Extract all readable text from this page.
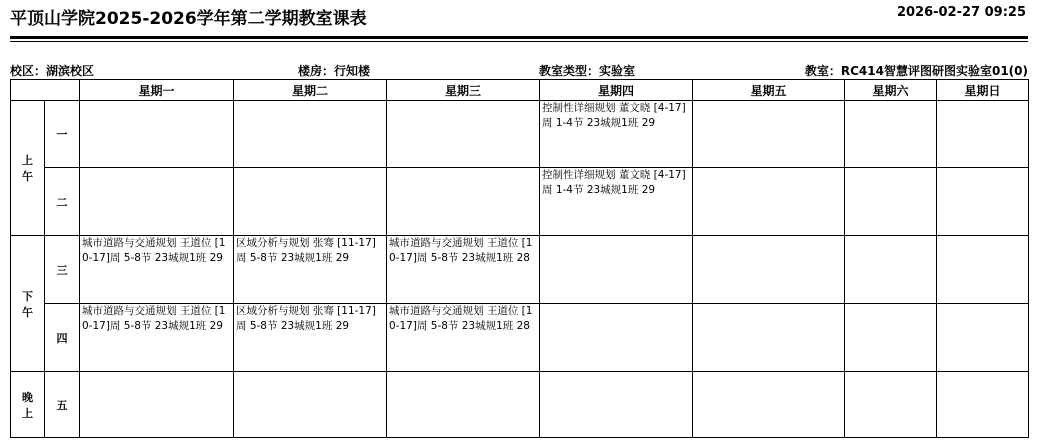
平顶山学院2025-2026学年第二学期教室课表	2026-02-27 09:25
校区：湖滨校区	楼房：行知楼	教室类型：实验室	教室：RC414智慧评图研图实验室01(0)
		星期一	星期二	星期三	星期四	星期五	星期六	星期日
上
午	一				控制性详细规划 董文晓 [4-17]周 1-4节 23城规1班 29			

	二				控制性详细规划 董文晓 [4-17]周 1-4节 23城规1班 29			

下
午	三	城市道路与交通规划 王道位 [10-17]周 5-8节 23城规1班 29	区域分析与规划 张骞 [11-17]周 5-8节 23城规1班 29	城市道路与交通规划 王道位 [10-17]周 5-8节 23城规1班 28				

	四	城市道路与交通规划 王道位 [10-17]周 5-8节 23城规1班 29	区域分析与规划 张骞 [11-17]周 5-8节 23城规1班 29	城市道路与交通规划 王道位 [10-17]周 5-8节 23城规1班 28				

晚
上	五							
